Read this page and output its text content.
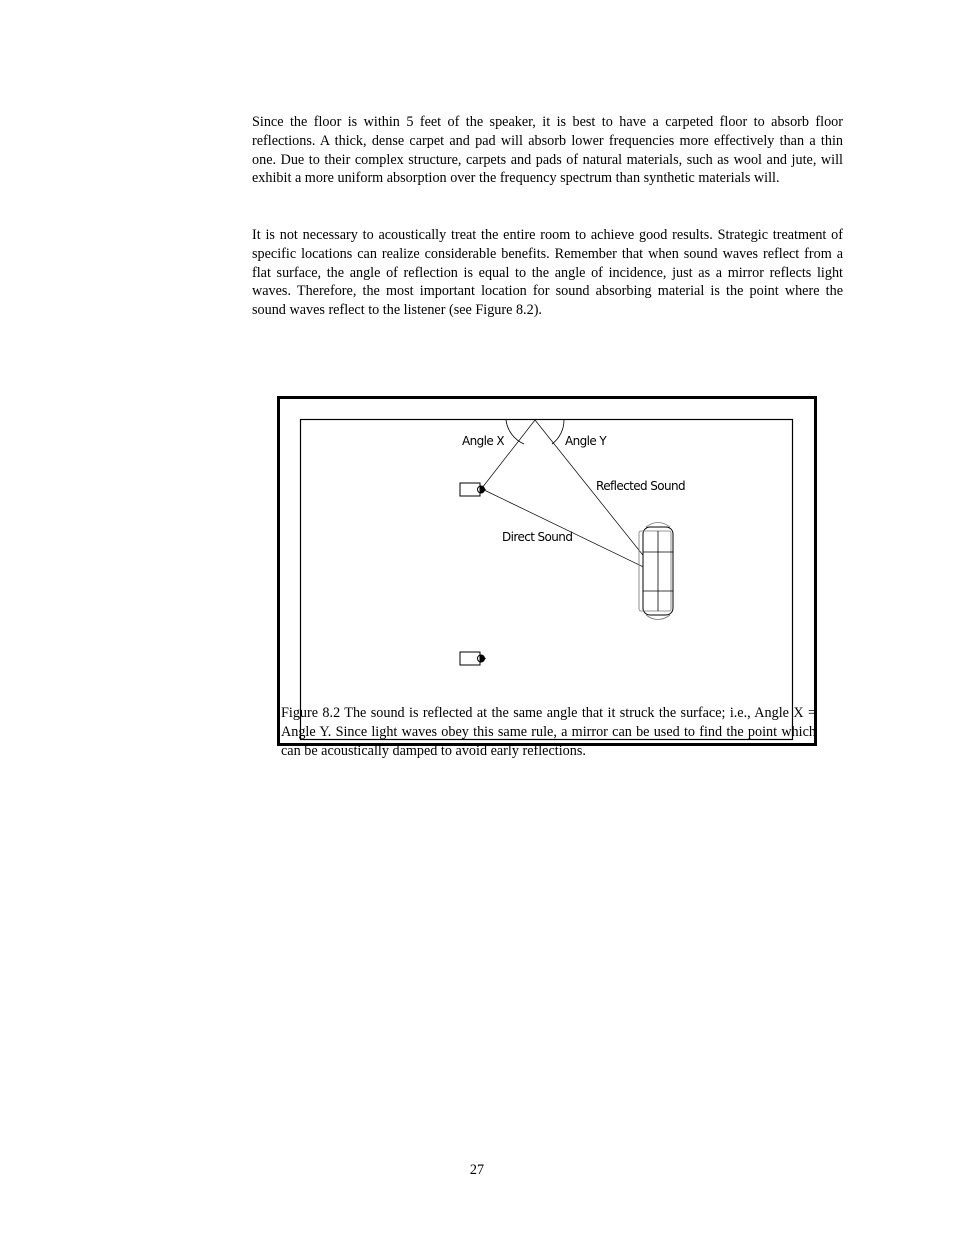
Since the floor is within 5 feet of the speaker, it is best to have a carpeted floor to absorb floor reflections. A thick, dense carpet and pad will absorb lower frequencies more effectively than a thin one. Due to their complex structure, carpets and pads of natural materials, such as wool and jute, will exhibit a more uniform absorption over the frequency spectrum than synthetic materials will.

It is not necessary to acoustically treat the entire room to achieve good results. Strategic treatment of specific locations can realize considerable benefits. Remember that when sound waves reflect from a flat surface, the angle of reflection is equal to the angle of incidence, just as a mirror reflects light waves. Therefore, the most important location for sound absorbing material is the point where the sound waves reflect to the listener (see Figure 8.2).

Angle X	Angle Y
Reflected Sound
Direct Sound

Figure 8.2 The sound is reflected at the same angle that it struck the surface; i.e., Angle X = Angle Y. Since light waves obey this same rule, a mirror can be used to find the point which can be acoustically damped to avoid early reflections.

27
